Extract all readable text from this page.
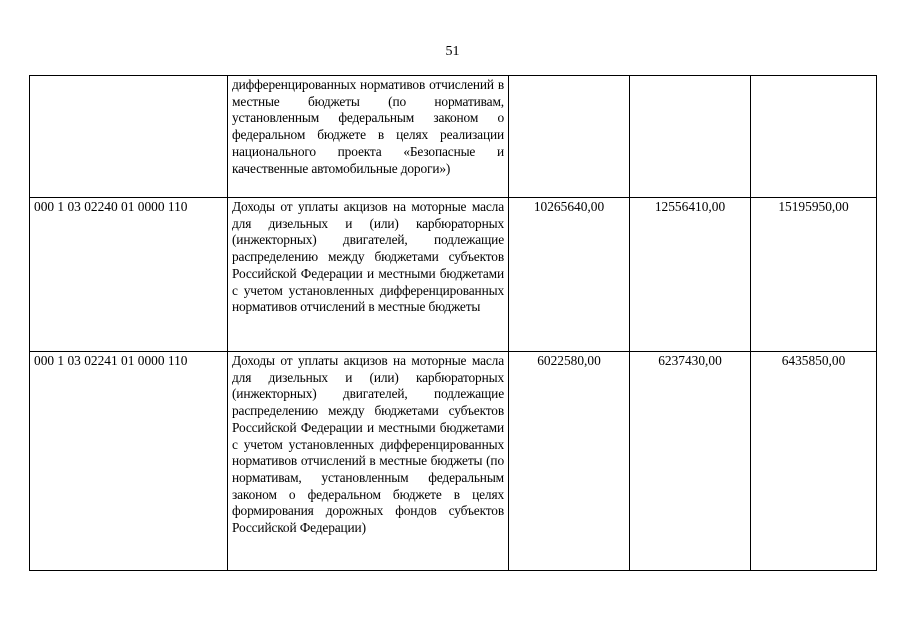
51
	дифференцированных нормативов отчислений в местные бюджеты (по нормативам, установленным федеральным законом о федеральном бюджете в целях реализации национального проекта «Безопасные и качественные автомобильные дороги»)			
000 1 03 02240 01 0000 110	Доходы от уплаты акцизов на моторные масла для дизельных и (или) карбюраторных (инжекторных) двигателей, подлежащие распределению между бюджетами субъектов Российской Федерации и местными бюджетами с учетом установленных дифференцированных нормативов отчислений в местные бюджеты	10265640,00	12556410,00	15195950,00
000 1 03 02241 01 0000 110	Доходы от уплаты акцизов на моторные масла для дизельных и (или) карбюраторных (инжекторных) двигателей, подлежащие распределению между бюджетами субъектов Российской Федерации и местными бюджетами с учетом установленных дифференцированных нормативов отчислений в местные бюджеты (по нормативам, установленным федеральным законом о федеральном бюджете в целях формирования дорожных фондов субъектов Российской Федерации)	6022580,00	6237430,00	6435850,00
